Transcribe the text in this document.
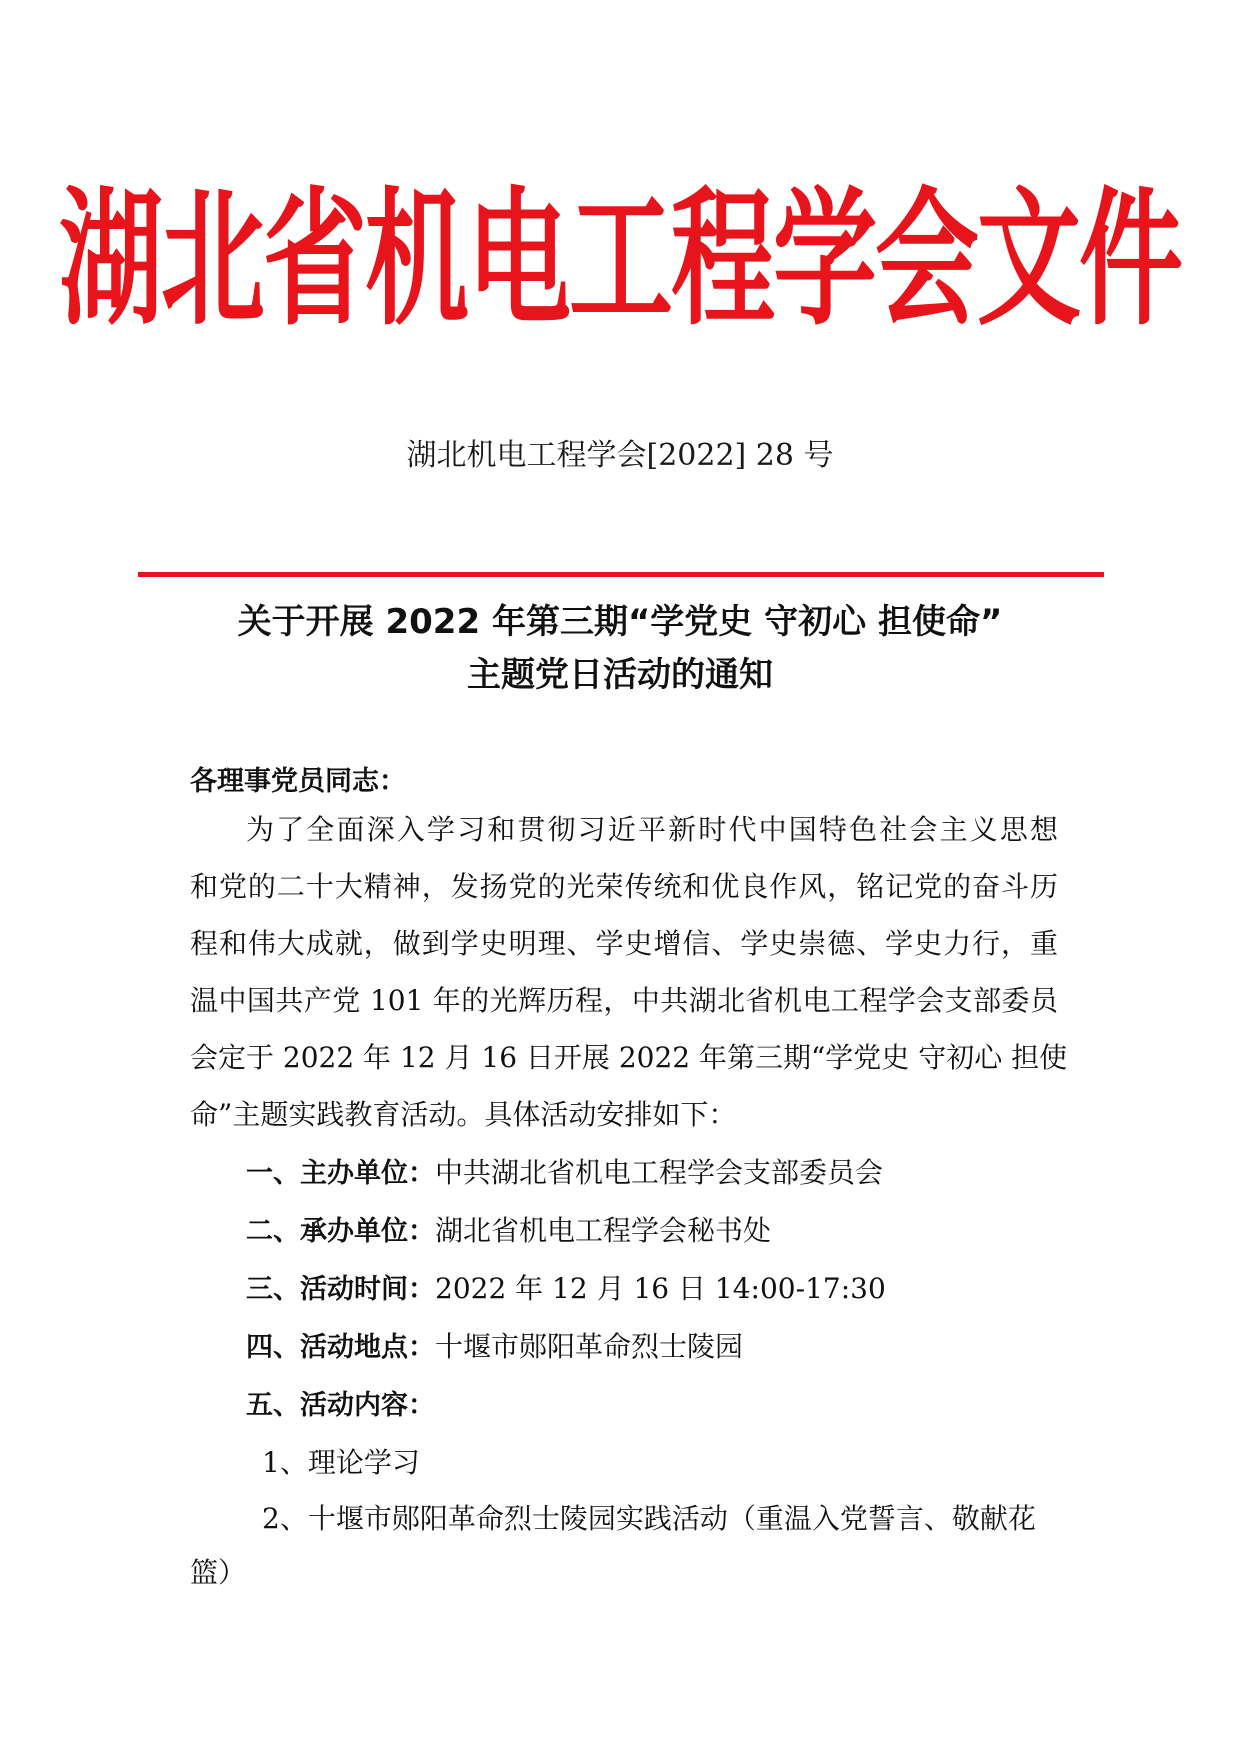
湖北省机电工程学会文件
湖北机电工程学会[2022] 28 号
关于开展 2022 年第三期“学党史 守初心 担使命”
主题党日活动的通知
各理事党员同志：
为了全面深入学习和贯彻习近平新时代中国特色社会主义思想
和党的二十大精神，发扬党的光荣传统和优良作风，铭记党的奋斗历
程和伟大成就，做到学史明理、学史增信、学史崇德、学史力行，重
温中国共产党 101 年的光辉历程，中共湖北省机电工程学会支部委员
会定于 2022 年 12 月 16 日开展 2022 年第三期“学党史 守初心 担使
命”主题实践教育活动。具体活动安排如下：
一、主办单位：中共湖北省机电工程学会支部委员会
二、承办单位：湖北省机电工程学会秘书处
三、活动时间：2022 年 12 月 16 日 14:00-17:30
四、活动地点：十堰市郧阳革命烈士陵园
五、活动内容：
1、理论学习
2、十堰市郧阳革命烈士陵园实践活动（重温入党誓言、敬献花
篮）
